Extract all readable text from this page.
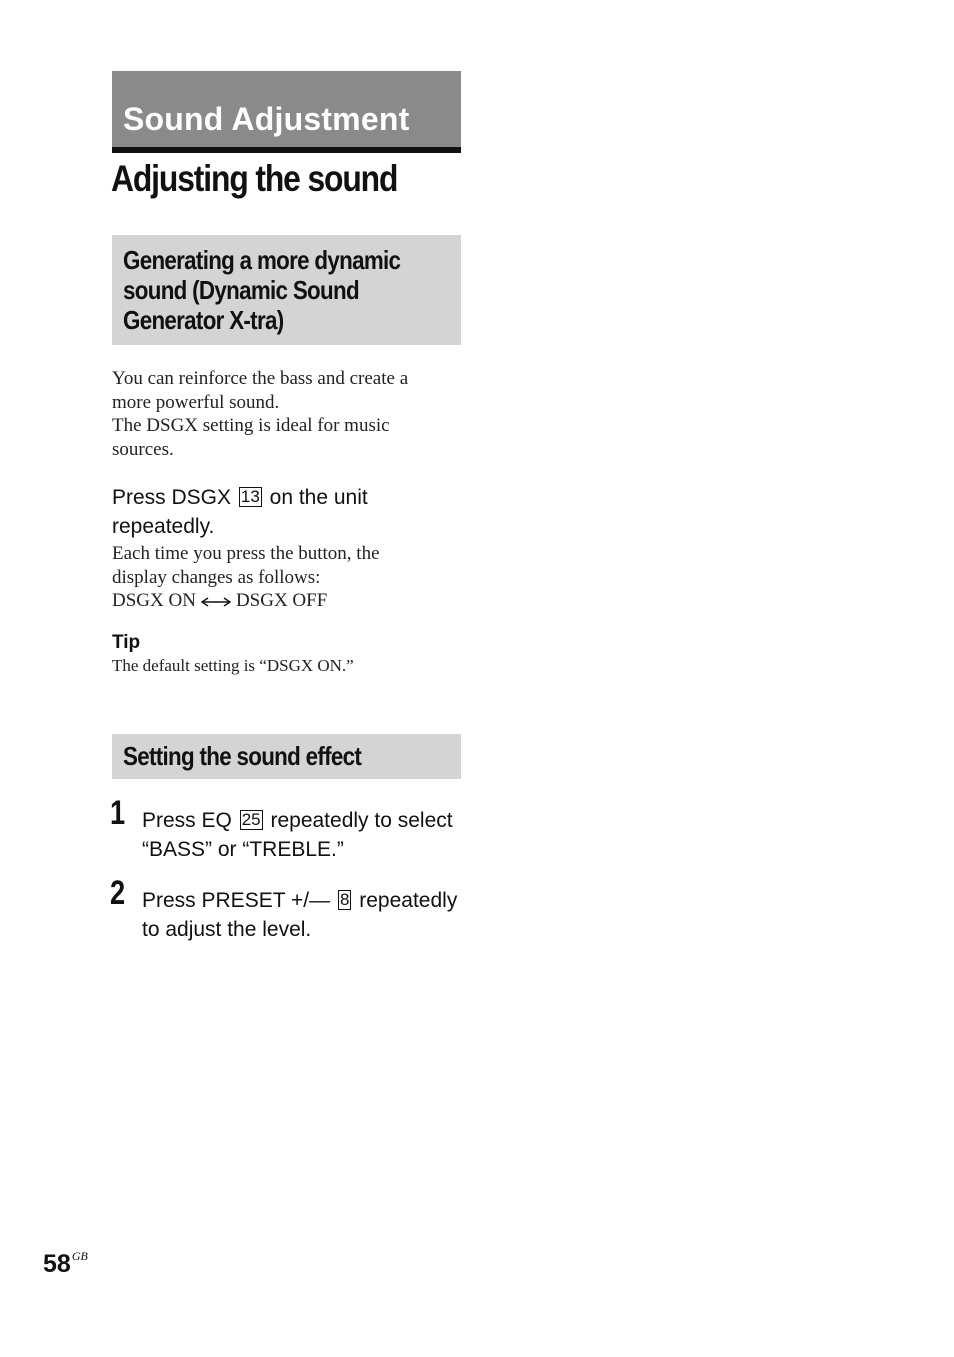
Sound Adjustment
Adjusting the sound
Generating a more dynamic
sound (Dynamic Sound
Generator X-tra)
You can reinforce the bass and create a
more powerful sound.
The DSGX setting is ideal for music
sources.
Press DSGX 13 on the unit
repeatedly.
Each time you press the button, the
display changes as follows:
DSGX ON DSGX OFF
Tip
The default setting is “DSGX ON.”
Setting the sound effect
1 Press EQ 25 repeatedly to select
“BASS” or “TREBLE.”
2 Press PRESET +/— 8 repeatedly
to adjust the level.
$58^{GB}$
